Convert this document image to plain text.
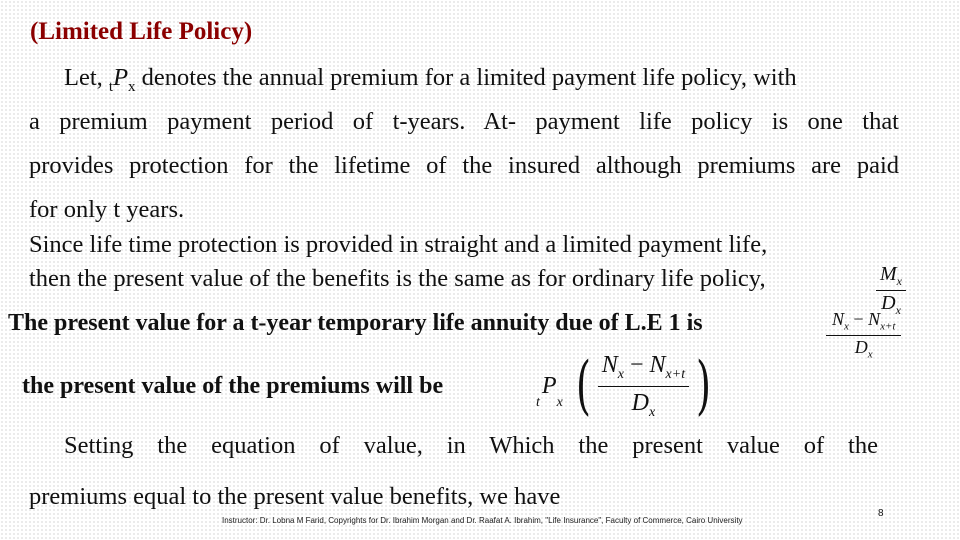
(Limited Life Policy)
Let, $_tP_x$ denotes the annual premium for a limited payment life policy, with
a premium payment period of t-years. At- payment life policy is one that
provides protection for the lifetime of the insured although premiums are paid
for only t years.
Since life time protection is provided in straight and a limited payment life,
then the present value of the benefits is the same as for ordinary life policy,	$\frac{M_x}{D_x}$
The present value for a t-year temporary life annuity due of L.E 1 is	$\frac{N_x - N_{x+t}}{D_x}$
the present value of the premiums will be
t
P
$_x$ ( $\frac{N_x - N_{x+t}}{D_x}$ )
Setting the equation of value, in Which the present value of the
premiums equal to the present value benefits, we have
Instructor: Dr. Lobna M Farid, Copyrights for Dr. Ibrahim Morgan and Dr. Raafat A. Ibrahim, "Life Insurance", Faculty of Commerce, Cairo University
8
